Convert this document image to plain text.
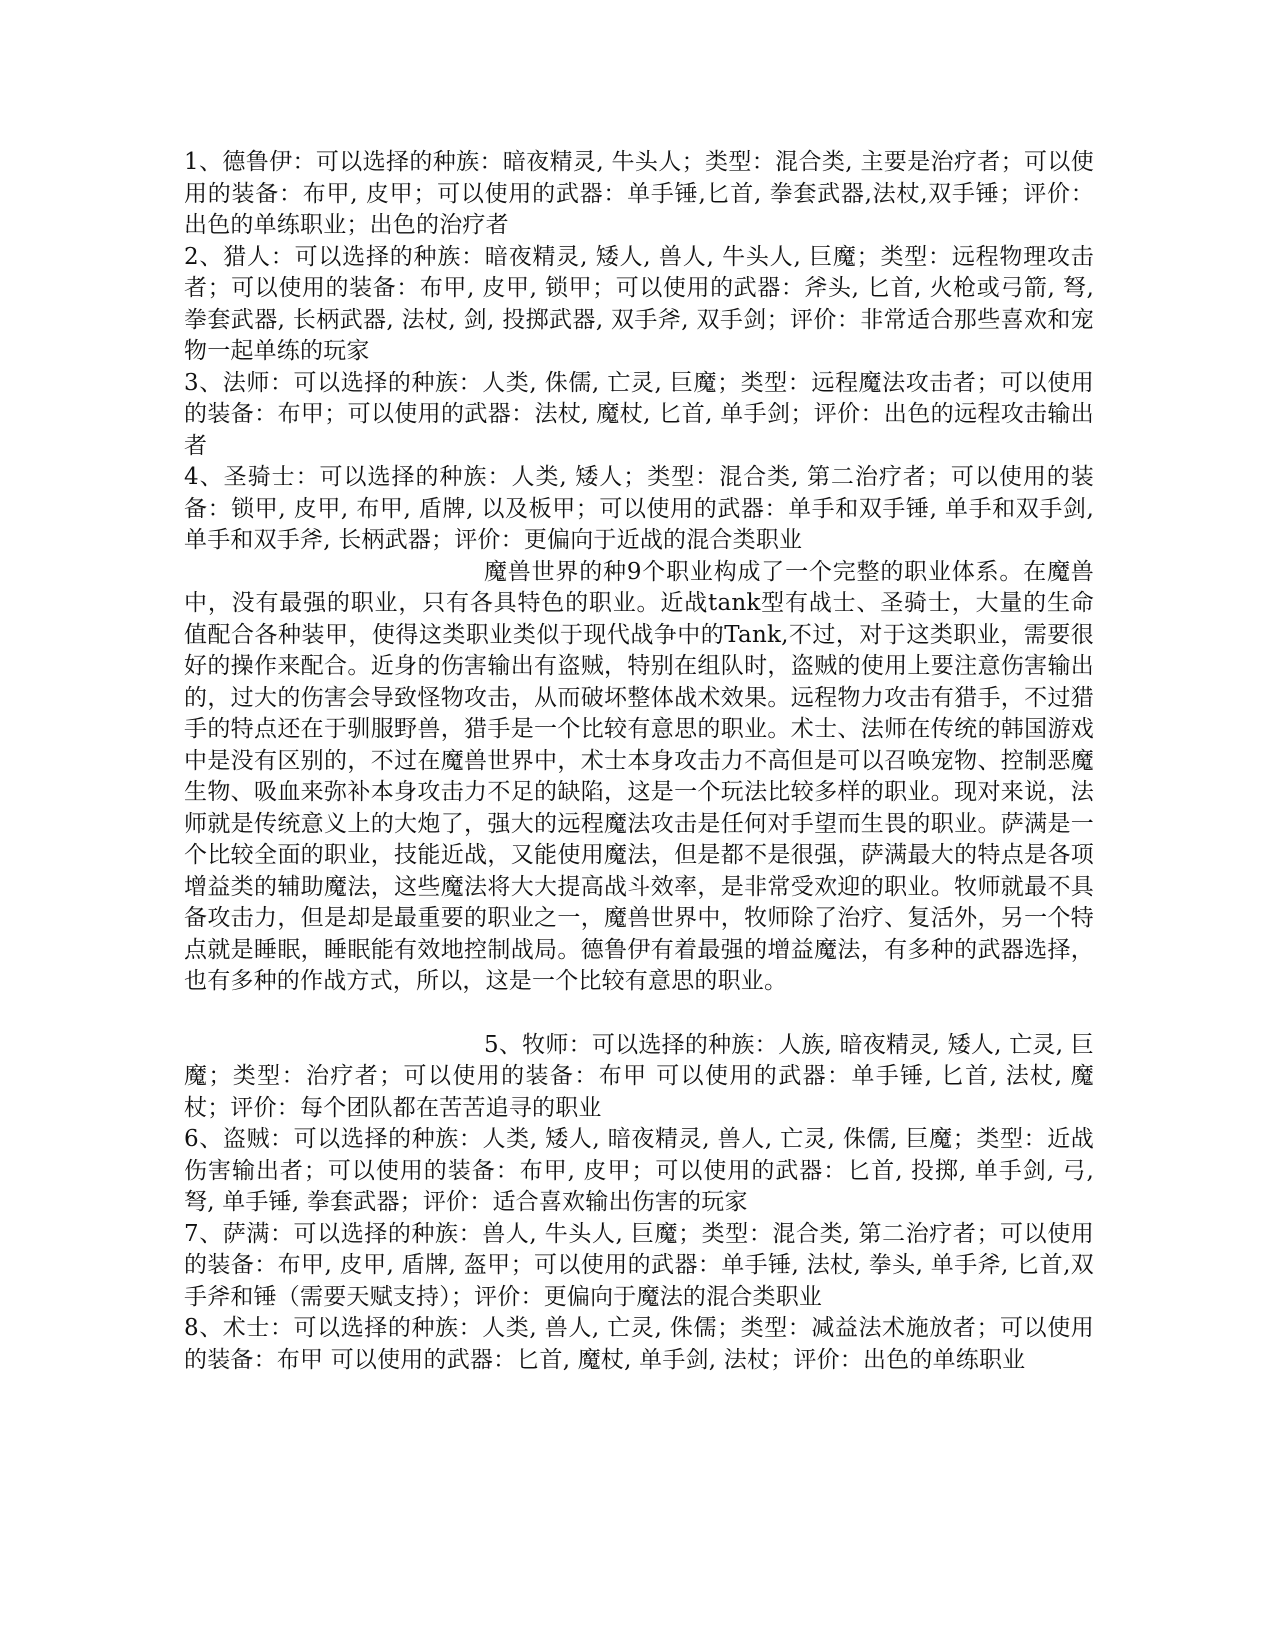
1、德鲁伊：可以选择的种族：暗夜精灵, 牛头人；类型：混合类, 主要是治疗者；可以使用的装备：布甲, 皮甲；可以使用的武器：单手锤,匕首, 拳套武器,法杖,双手锤；评价：出色的单练职业；出色的治疗者

2、猎人：可以选择的种族：暗夜精灵, 矮人, 兽人, 牛头人, 巨魔；类型：远程物理攻击者；可以使用的装备：布甲, 皮甲, 锁甲；可以使用的武器：斧头, 匕首, 火枪或弓箭, 弩, 拳套武器, 长柄武器, 法杖, 剑, 投掷武器, 双手斧, 双手剑；评价：非常适合那些喜欢和宠物一起单练的玩家

3、法师：可以选择的种族：人类, 侏儒, 亡灵, 巨魔；类型：远程魔法攻击者；可以使用的装备：布甲；可以使用的武器：法杖, 魔杖, 匕首, 单手剑；评价：出色的远程攻击输出者

4、圣骑士：可以选择的种族：人类, 矮人；类型：混合类, 第二治疗者；可以使用的装备：锁甲, 皮甲, 布甲, 盾牌, 以及板甲；可以使用的武器：单手和双手锤, 单手和双手剑, 单手和双手斧, 长柄武器；评价：更偏向于近战的混合类职业

魔兽世界的种9个职业构成了一个完整的职业体系。在魔兽中，没有最强的职业，只有各具特色的职业。近战tank型有战士、圣骑士，大量的生命值配合各种装甲，使得这类职业类似于现代战争中的Tank,不过，对于这类职业，需要很好的操作来配合。近身的伤害输出有盗贼，特别在组队时，盗贼的使用上要注意伤害输出的，过大的伤害会导致怪物攻击，从而破坏整体战术效果。远程物力攻击有猎手，不过猎手的特点还在于驯服野兽，猎手是一个比较有意思的职业。术士、法师在传统的韩国游戏中是没有区别的，不过在魔兽世界中，术士本身攻击力不高但是可以召唤宠物、控制恶魔生物、吸血来弥补本身攻击力不足的缺陷，这是一个玩法比较多样的职业。现对来说，法师就是传统意义上的大炮了，强大的远程魔法攻击是任何对手望而生畏的职业。萨满是一个比较全面的职业，技能近战，又能使用魔法，但是都不是很强，萨满最大的特点是各项增益类的辅助魔法，这些魔法将大大提高战斗效率，是非常受欢迎的职业。牧师就最不具备攻击力，但是却是最重要的职业之一，魔兽世界中，牧师除了治疗、复活外，另一个特点就是睡眠，睡眠能有效地控制战局。德鲁伊有着最强的增益魔法，有多种的武器选择，也有多种的作战方式，所以，这是一个比较有意思的职业。

5、牧师：可以选择的种族：人族, 暗夜精灵, 矮人, 亡灵, 巨魔；类型：治疗者；可以使用的装备：布甲 可以使用的武器：单手锤, 匕首, 法杖, 魔杖；评价：每个团队都在苦苦追寻的职业

6、盗贼：可以选择的种族：人类, 矮人, 暗夜精灵, 兽人, 亡灵, 侏儒, 巨魔；类型：近战伤害输出者；可以使用的装备：布甲, 皮甲；可以使用的武器：匕首, 投掷, 单手剑, 弓, 弩, 单手锤, 拳套武器；评价：适合喜欢输出伤害的玩家

7、萨满：可以选择的种族：兽人, 牛头人, 巨魔；类型：混合类, 第二治疗者；可以使用的装备：布甲, 皮甲, 盾牌, 盔甲；可以使用的武器：单手锤, 法杖, 拳头, 单手斧, 匕首,双手斧和锤（需要天赋支持）；评价：更偏向于魔法的混合类职业

8、术士：可以选择的种族：人类, 兽人, 亡灵, 侏儒；类型：减益法术施放者；可以使用的装备：布甲 可以使用的武器：匕首, 魔杖, 单手剑, 法杖；评价：出色的单练职业
